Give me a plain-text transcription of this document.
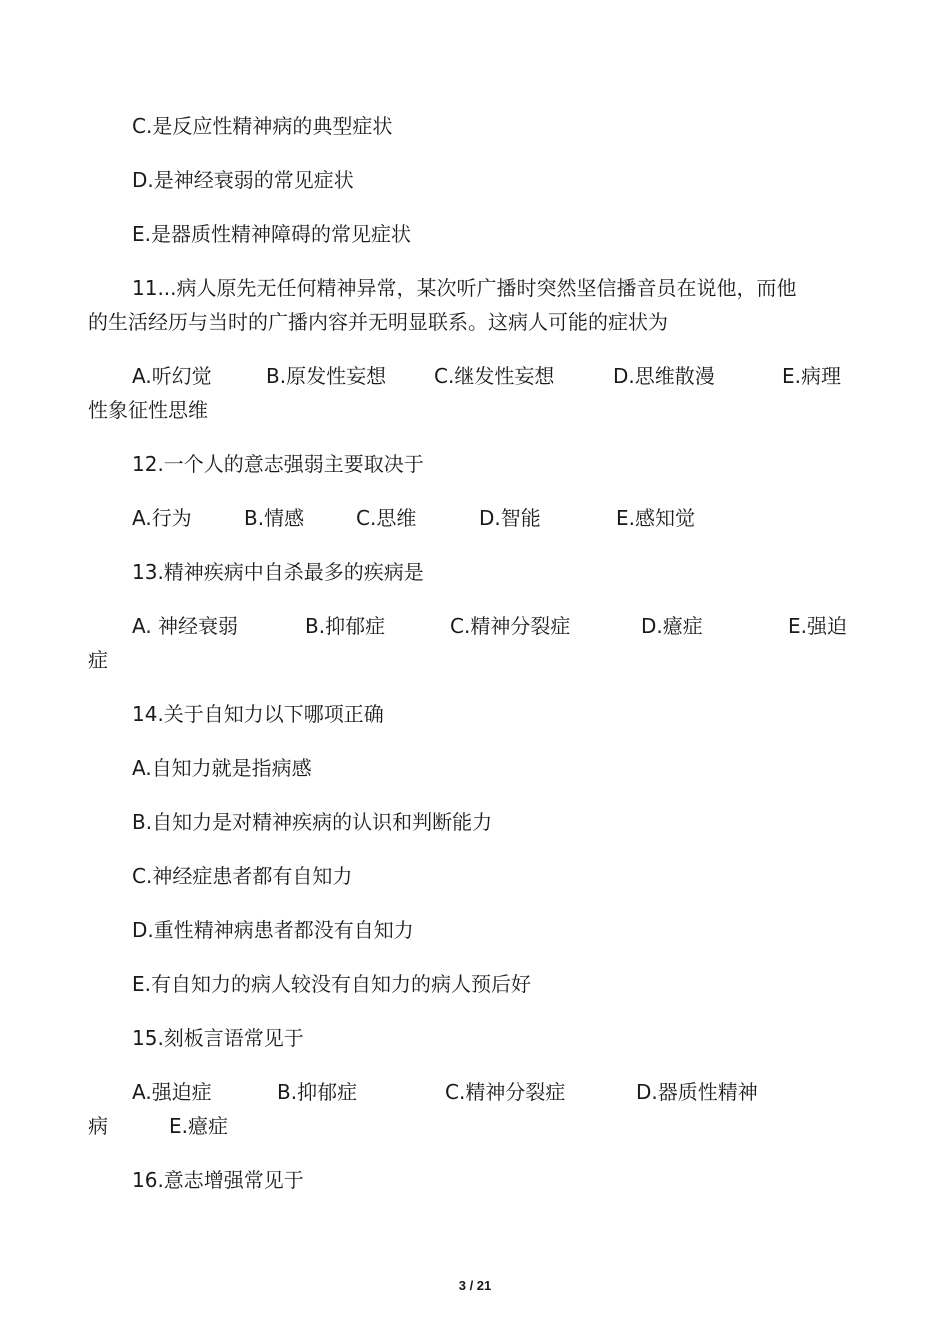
C.是反应性精神病的典型症状
D.是神经衰弱的常见症状
E.是器质性精神障碍的常见症状
11...病人原先无任何精神异常，某次听广播时突然坚信播音员在说他，而他
的生活经历与当时的广播内容并无明显联系。这病人可能的症状为
A.听幻觉	B.原发性妄想 C.继发性妄想	D.思维散漫	E.病理
性象征性思维
12.一个人的意志强弱主要取决于
A.行为	B.情感	C.思维	D.智能	E.感知觉
13.精神疾病中自杀最多的疾病是
A. 神经衰弱	B.抑郁症	C.精神分裂症	D.癔症	E.强迫
症
14.关于自知力以下哪项正确
A.自知力就是指病感
B.自知力是对精神疾病的认识和判断能力
C.神经症患者都有自知力
D.重性精神病患者都没有自知力
E.有自知力的病人较没有自知力的病人预后好
15.刻板言语常见于
A.强迫症	B.抑郁症	C.精神分裂症	D.器质性精神
病	E.癔症
16.意志增强常见于
3 / 21
